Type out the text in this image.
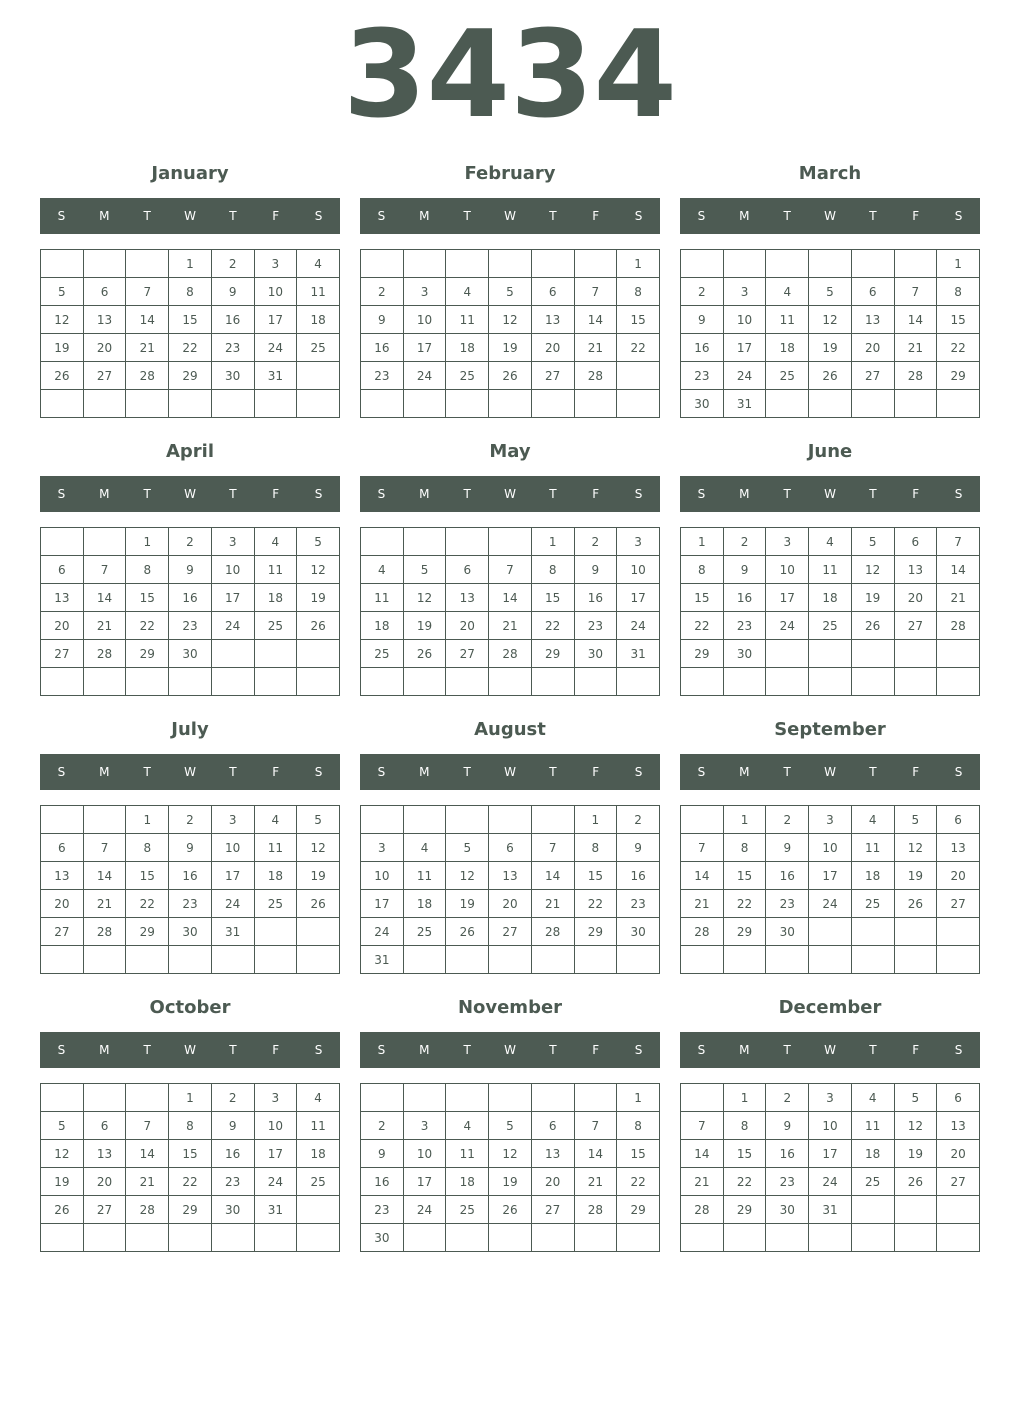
3434
January
S	M	T	W	T	F	S
			1	2	3	4
5	6	7	8	9	10	11
12	13	14	15	16	17	18
19	20	21	22	23	24	25
26	27	28	29	30	31	

February
S	M	T	W	T	F	S
						1
2	3	4	5	6	7	8
9	10	11	12	13	14	15
16	17	18	19	20	21	22
23	24	25	26	27	28	

March
S	M	T	W	T	F	S
						1
2	3	4	5	6	7	8
9	10	11	12	13	14	15
16	17	18	19	20	21	22
23	24	25	26	27	28	29
30	31					
April
S	M	T	W	T	F	S
		1	2	3	4	5
6	7	8	9	10	11	12
13	14	15	16	17	18	19
20	21	22	23	24	25	26
27	28	29	30			

May
S	M	T	W	T	F	S
				1	2	3
4	5	6	7	8	9	10
11	12	13	14	15	16	17
18	19	20	21	22	23	24
25	26	27	28	29	30	31

June
S	M	T	W	T	F	S
1	2	3	4	5	6	7
8	9	10	11	12	13	14
15	16	17	18	19	20	21
22	23	24	25	26	27	28
29	30					

July
S	M	T	W	T	F	S
		1	2	3	4	5
6	7	8	9	10	11	12
13	14	15	16	17	18	19
20	21	22	23	24	25	26
27	28	29	30	31		

August
S	M	T	W	T	F	S
					1	2
3	4	5	6	7	8	9
10	11	12	13	14	15	16
17	18	19	20	21	22	23
24	25	26	27	28	29	30
31						
September
S	M	T	W	T	F	S
	1	2	3	4	5	6
7	8	9	10	11	12	13
14	15	16	17	18	19	20
21	22	23	24	25	26	27
28	29	30				

October
S	M	T	W	T	F	S
			1	2	3	4
5	6	7	8	9	10	11
12	13	14	15	16	17	18
19	20	21	22	23	24	25
26	27	28	29	30	31	

November
S	M	T	W	T	F	S
						1
2	3	4	5	6	7	8
9	10	11	12	13	14	15
16	17	18	19	20	21	22
23	24	25	26	27	28	29
30						
December
S	M	T	W	T	F	S
	1	2	3	4	5	6
7	8	9	10	11	12	13
14	15	16	17	18	19	20
21	22	23	24	25	26	27
28	29	30	31			
